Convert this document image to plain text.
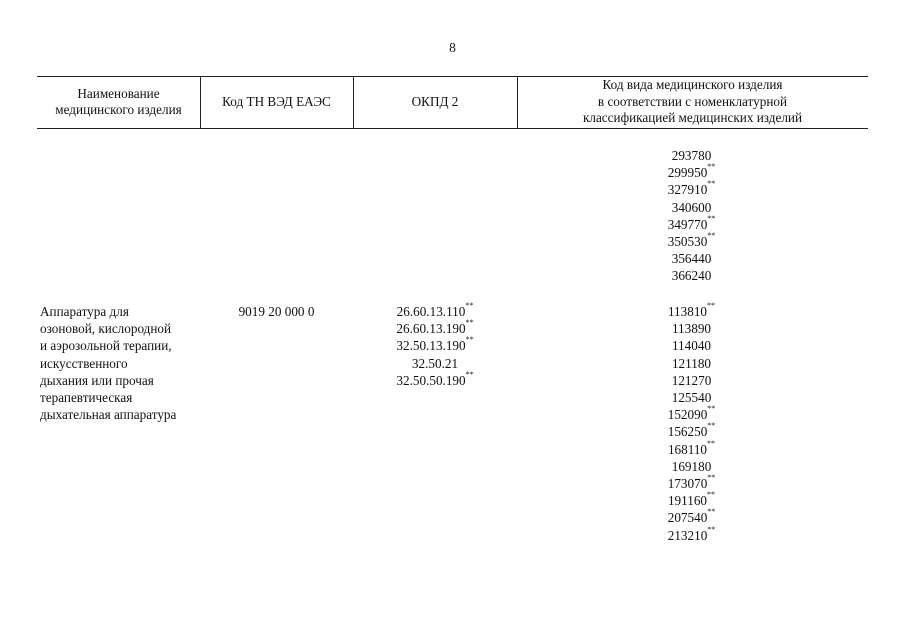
8
Наименование
медицинского изделия
Код ТН ВЭД ЕАЭС	ОКПД 2
Код вида медицинского изделия
в соответствии с номенклатурной
классификацией медицинских изделий
293780
299950**
327910**
340600
349770**
350530**
356440
366240
Аппаратура для
озоновой, кислородной
и аэрозольной терапии,
искусственного
дыхания или прочая
терапевтическая
дыхательная аппаратура
9019 20 000 0	26.60.13.110**
26.60.13.190**
32.50.13.190**
32.50.21
32.50.50.190**
113810**
113890
114040
121180
121270
125540
152090**
156250**
168110**
169180
173070**
191160**
207540**
213210**
